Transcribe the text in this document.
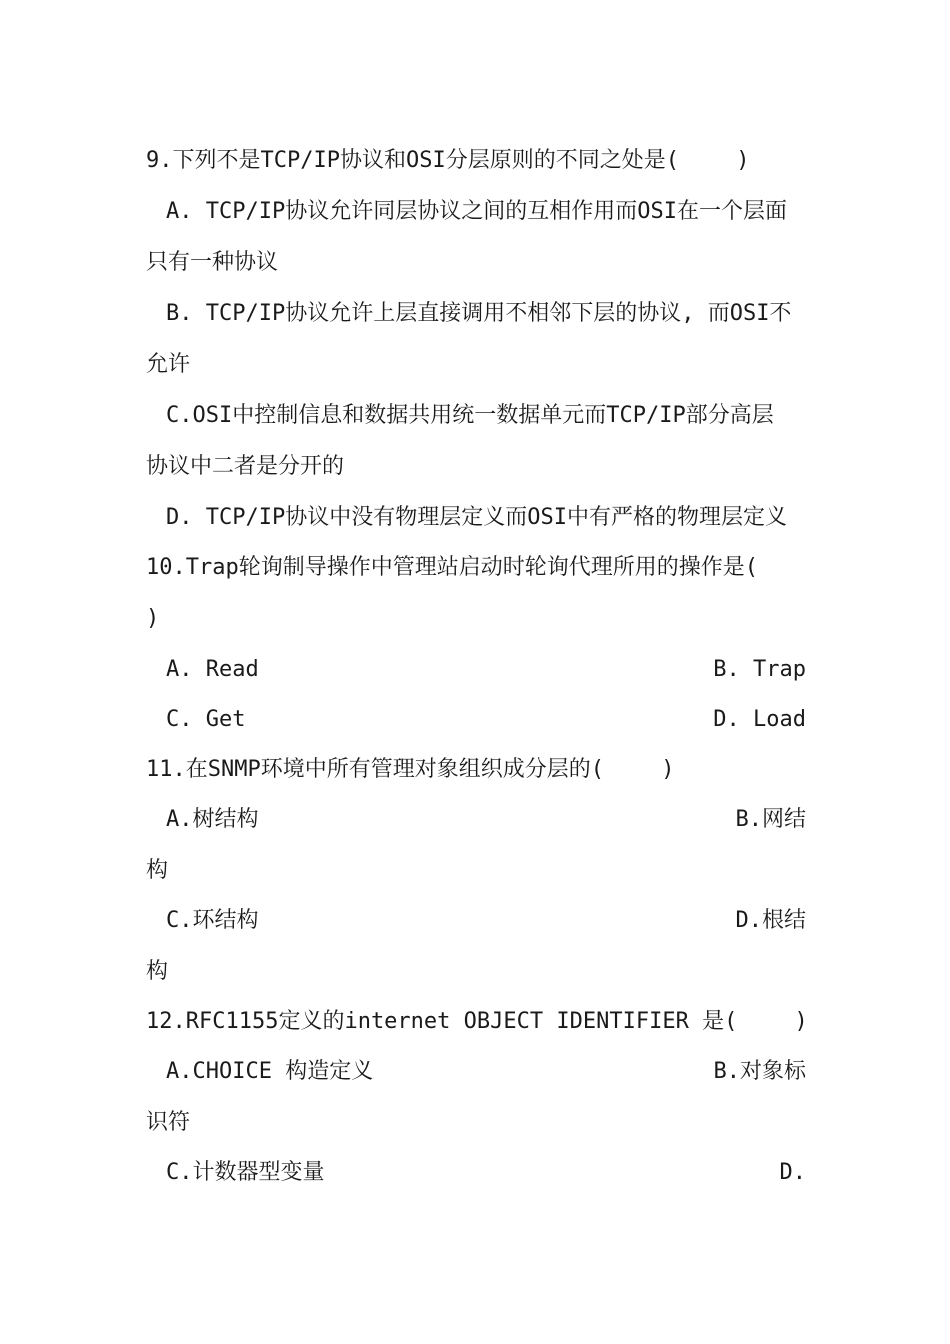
9.下列不是TCP/IP协议和OSI分层原则的不同之处是(　　 )
A. TCP/IP协议允许同层协议之间的互相作用而OSI在一个层面
只有一种协议
B. TCP/IP协议允许上层直接调用不相邻下层的协议, 而OSI不
允许
C.OSI中控制信息和数据共用统一数据单元而TCP/IP部分高层
协议中二者是分开的
D. TCP/IP协议中没有物理层定义而OSI中有严格的物理层定义
10.Trap轮询制导操作中管理站启动时轮询代理所用的操作是(
)
A. Read	B. Trap
C. Get	D. Load
11.在SNMP环境中所有管理对象组织成分层的(　　 )
A.树结构	B.网结
构
C.环结构	D.根结
构
12.RFC1155定义的internet OBJECT IDENTIFIER 是(　　 )
A.CHOICE 构造定义	B.对象标
识符
C.计数器型变量	D.
